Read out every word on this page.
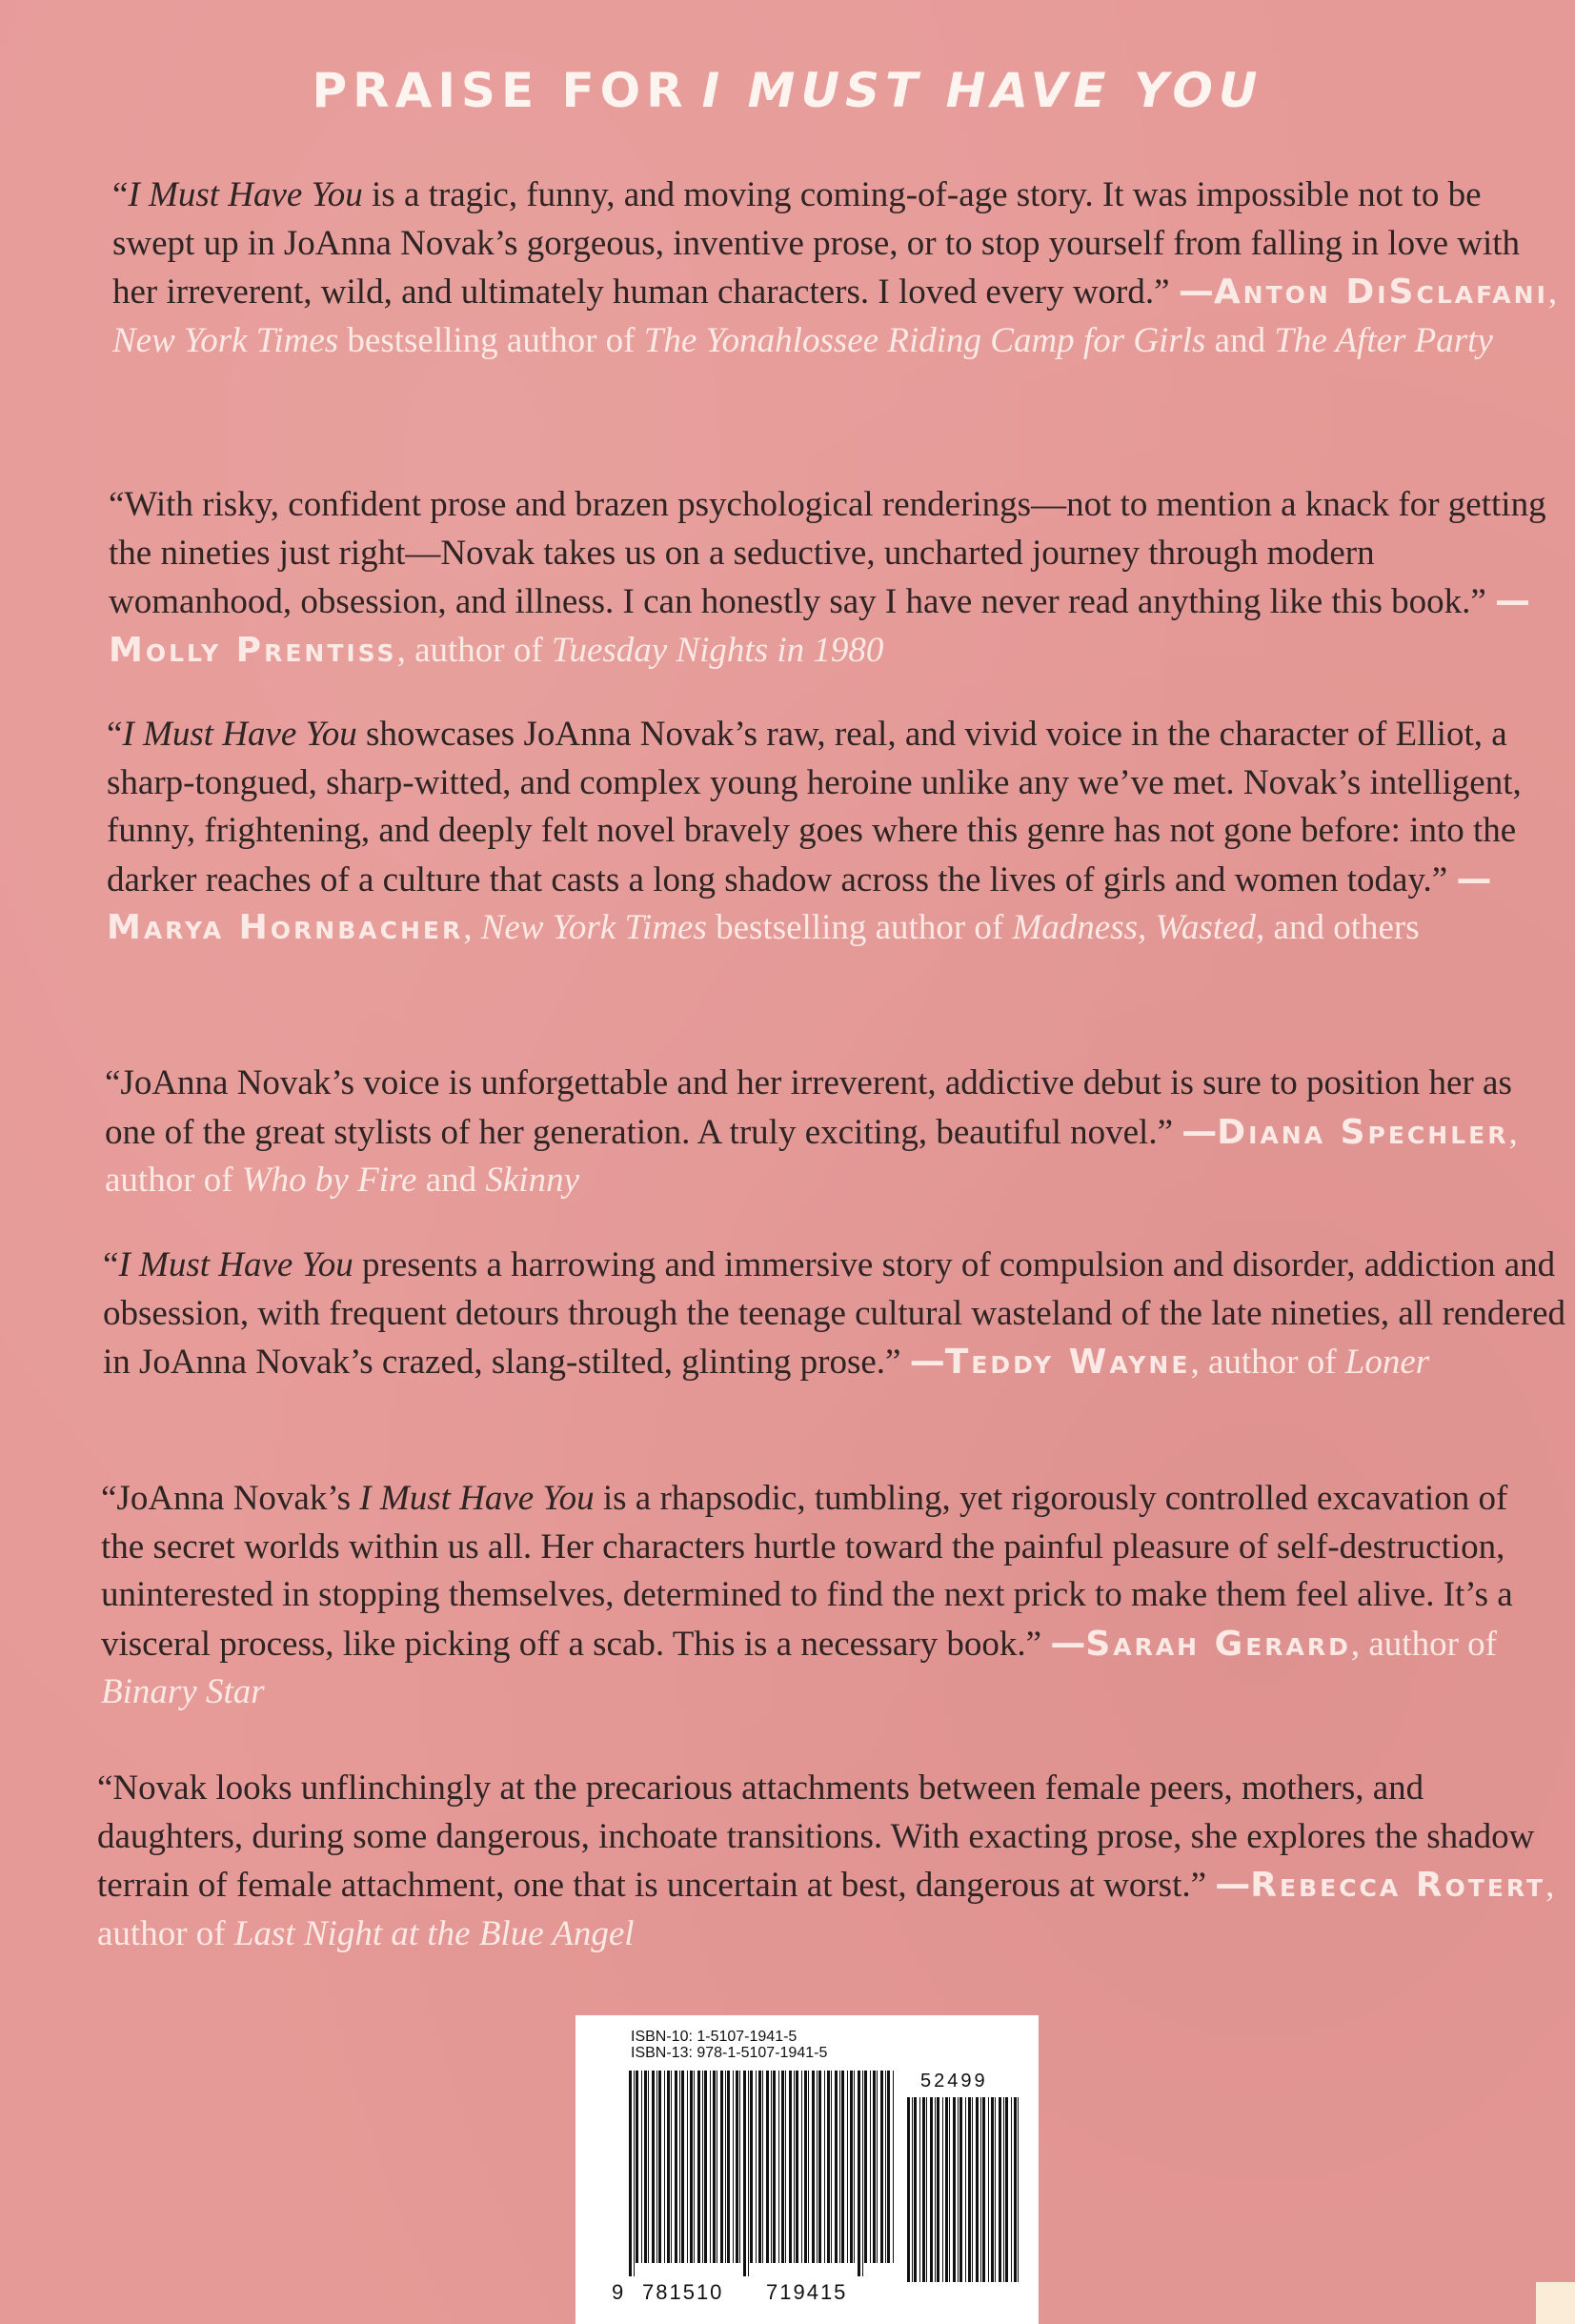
PRAISE FOR I MUST HAVE YOU
“I Must Have You is a tragic, funny, and moving coming-of-age story. It was impossible not to be swept up in JoAnna Novak’s gorgeous, inventive prose, or to stop yourself from falling in love with her irreverent, wild, and ultimately human characters. I loved every word.” —Anton DiSclafani, New York Times bestselling author of The Yonahlossee Riding Camp for Girls and The After Party
“With risky, confident prose and brazen psychological renderings—not to mention a knack for getting the nineties just right—Novak takes us on a seductive, uncharted journey through modern womanhood, obsession, and illness. I can honestly say I have never read anything like this book.” —Molly Prentiss, author of Tuesday Nights in 1980
“I Must Have You showcases JoAnna Novak’s raw, real, and vivid voice in the character of Elliot, a sharp-tongued, sharp-witted, and complex young heroine unlike any we’ve met. Novak’s intelligent, funny, frightening, and deeply felt novel bravely goes where this genre has not gone before: into the darker reaches of a culture that casts a long shadow across the lives of girls and women today.” —Marya Hornbacher, New York Times bestselling author of Madness, Wasted, and others
“JoAnna Novak’s voice is unforgettable and her irreverent, addictive debut is sure to position her as one of the great stylists of her generation. A truly exciting, beautiful novel.” —Diana Spechler, author of Who by Fire and Skinny
“I Must Have You presents a harrowing and immersive story of compulsion and disorder, addiction and obsession, with frequent detours through the teenage cultural wasteland of the late nineties, all rendered in JoAnna Novak’s crazed, slang-stilted, glinting prose.” —Teddy Wayne, author of Loner
“JoAnna Novak’s I Must Have You is a rhapsodic, tumbling, yet rigorously controlled excavation of the secret worlds within us all. Her characters hurtle toward the painful pleasure of self-destruction, uninterested in stopping themselves, determined to find the next prick to make them feel alive. It’s a visceral process, like picking off a scab. This is a necessary book.” —Sarah Gerard, author of Binary Star
“Novak looks unflinchingly at the precarious attachments between female peers, mothers, and daughters, during some dangerous, inchoate transitions. With exacting prose, she explores the shadow terrain of female attachment, one that is uncertain at best, dangerous at worst.” —Rebecca Rotert, author of Last Night at the Blue Angel
ISBN-10: 1-5107-1941-5
ISBN-13: 978-1-5107-1941-5
52499
9 781510 719415
